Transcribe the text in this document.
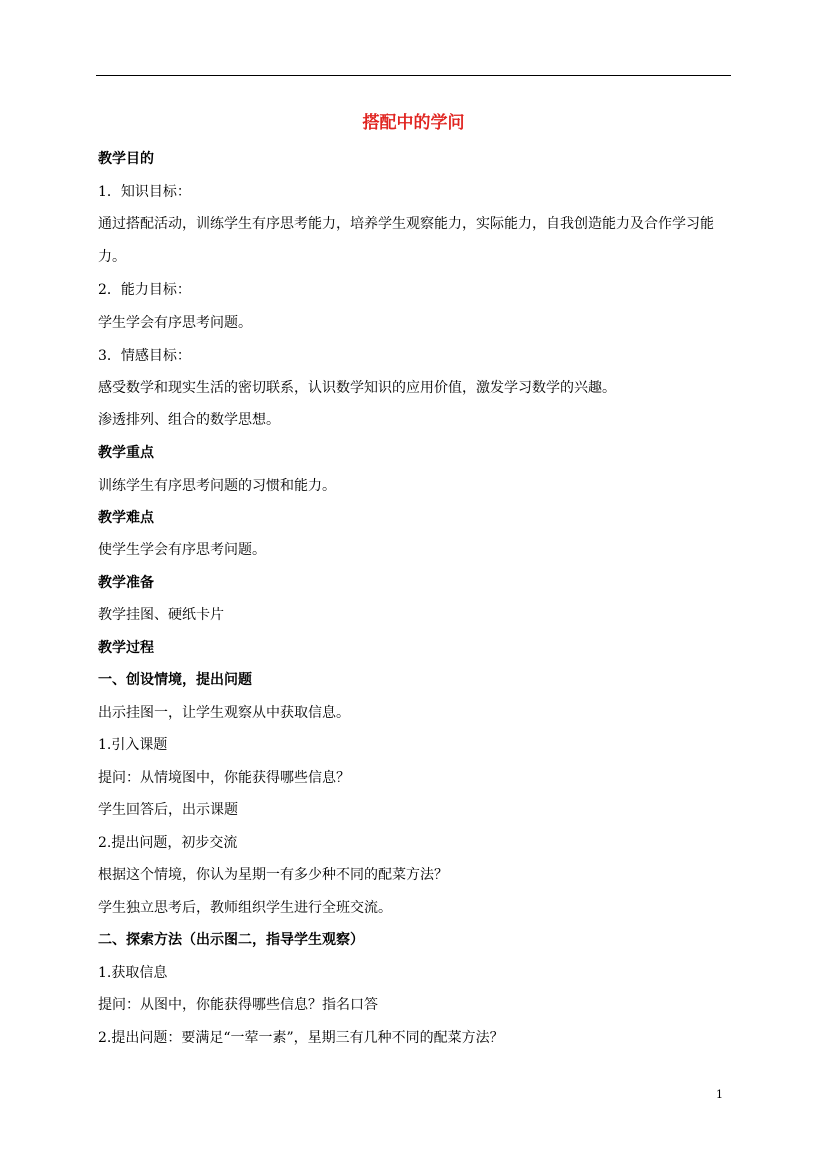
搭配中的学问
教学目的
1．知识目标：
通过搭配活动，训练学生有序思考能力，培养学生观察能力，实际能力，自我创造能力及合作学习能力。
2．能力目标：
学生学会有序思考问题。
3．情感目标：
感受数学和现实生活的密切联系，认识数学知识的应用价值，激发学习数学的兴趣。
渗透排列、组合的数学思想。
教学重点
训练学生有序思考问题的习惯和能力。
教学难点
使学生学会有序思考问题。
教学准备
教学挂图、硬纸卡片
教学过程
一、创设情境，提出问题
出示挂图一，让学生观察从中获取信息。
1.引入课题
提问：从情境图中，你能获得哪些信息？
学生回答后，出示课题
2.提出问题，初步交流
根据这个情境，你认为星期一有多少种不同的配菜方法？
学生独立思考后，教师组织学生进行全班交流。
二、探索方法（出示图二，指导学生观察）
1.获取信息
提问：从图中，你能获得哪些信息？指名口答
2.提出问题：要满足“一荤一素”，星期三有几种不同的配菜方法？
1
